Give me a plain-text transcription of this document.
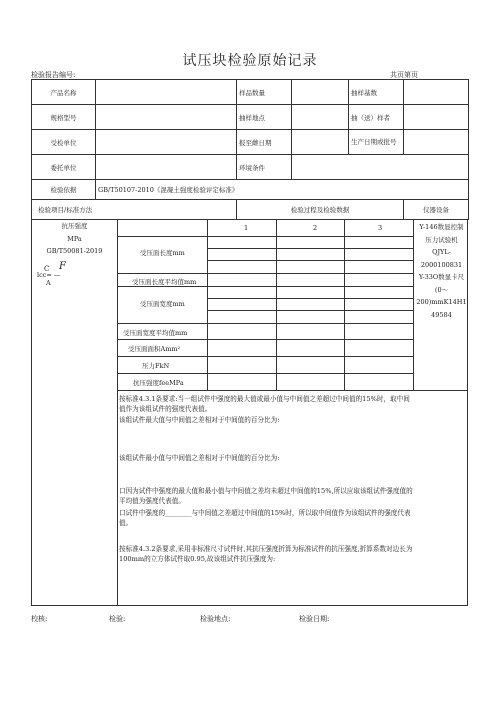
试压块检验原始记录
检验报告编号:	共页第页
产品名称		样品数量		抽样基数	
规格型号		抽样地点		抽（送）样者	
受检单位		报至雌日期		生产日期或批号	
委托单位		环境条件			
检验依据	GB/T50107-2010《混凝土强度检验评定标准》				
检验项目/标准方法		检验过程及检验数据			仪器设备
1	2	3
抗压强度
MPa
GB/T50081-2019
C F
lcc= —
A
受压面长度mm
受压面长度平均值mm
受压面宽度mm
受压面宽度平均值mm
受压面面积Amm²
压力FkN
抗压强度feeMPa
Y-146数显控制
压力试验机
QJYL-
2000100831
Y-33O数显卡尺
(0～
200)mmK14H1
49584
按标准4.3.1条要求:当一组试件中强度的最大值或最小值与中间值之差超过中间值的15%时，取中间值作为该组试件的强度代表值。
该组试件最大值与中间值之差相对于中间值的百分比为:
该组试件最小值与中间值之差相对于中间值的百分比为:
口因为试件中强度的最大值和最小值与中间值之差均未超过中间值的15%,所以应取该组试件强度值的平均值为强度代表值。
口试件中强度的________与中间值之差超过中间值的15%时，所以取中间值作为该组试件的强度代表值。
按标准4.3.2条要求,采用非标准尺寸试件时,其抗压强度折算为标准试件的抗压强度,折算系数对边长为100mm的立方体试件取0.95,故该组试件抗压强度为:
校核:	检验:	检验地点:	检验日期:
